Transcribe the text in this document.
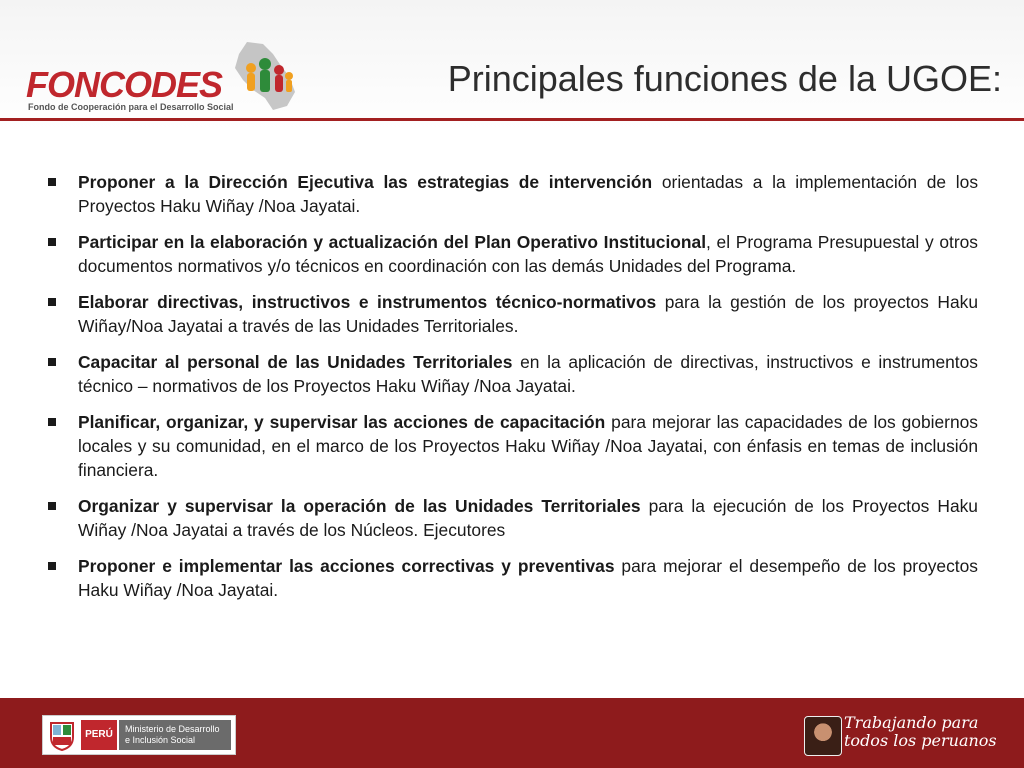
FONCODES
Fondo de Cooperación para el Desarrollo Social
Principales funciones de la UGOE:
Proponer a la Dirección Ejecutiva las estrategias de intervención orientadas a la implementación de los Proyectos Haku Wiñay /Noa Jayatai.
Participar en la elaboración y actualización del Plan Operativo Institucional, el Programa Presupuestal y otros documentos normativos y/o técnicos en coordinación con las demás Unidades del Programa.
Elaborar directivas, instructivos e instrumentos técnico-normativos para la gestión de los proyectos Haku Wiñay/Noa Jayatai a través de las Unidades Territoriales.
Capacitar al personal de las Unidades Territoriales en la aplicación de directivas, instructivos e instrumentos técnico – normativos de los Proyectos Haku Wiñay /Noa Jayatai.
Planificar, organizar, y supervisar las acciones de capacitación para mejorar las capacidades de los gobiernos locales y su comunidad, en el marco de los Proyectos Haku Wiñay /Noa Jayatai, con énfasis en temas de inclusión financiera.
Organizar y supervisar la operación de las Unidades Territoriales para la ejecución de los Proyectos Haku Wiñay /Noa Jayatai a través de los Núcleos. Ejecutores
Proponer e implementar las acciones correctivas y preventivas para mejorar el desempeño de los proyectos Haku Wiñay /Noa Jayatai.
PERÚ	Ministerio de Desarrollo
e Inclusión Social
Trabajando para
todos los peruanos
